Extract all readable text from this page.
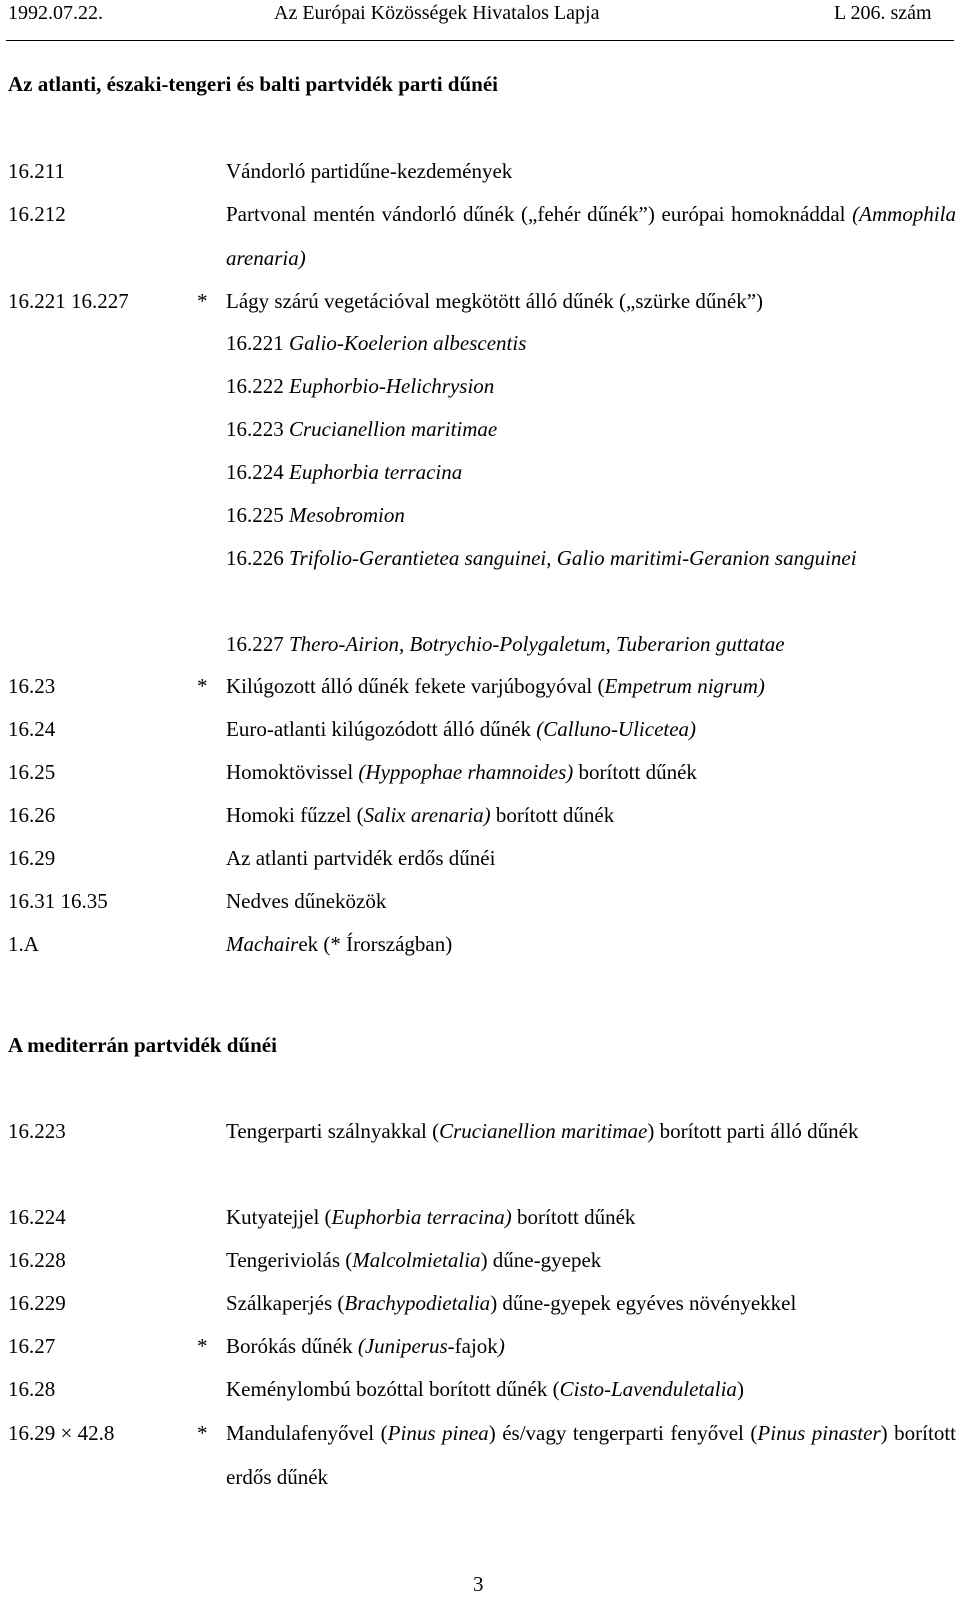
1992.07.22.	Az Európai Közösségek Hivatalos Lapja	L 206. szám
Az atlanti, északi-tengeri és balti partvidék parti dűnéi
16.211	Vándorló partidűne-kezdemények
16.212	Partvonal mentén vándorló dűnék („fehér dűnék”) európai homoknáddal (Ammophila arenaria)
16.221 16.227	* Lágy szárú vegetációval megkötött álló dűnék („szürke dűnék”)
16.221 Galio-Koelerion albescentis
16.222 Euphorbio-Helichrysion
16.223 Crucianellion maritimae
16.224 Euphorbia terracina
16.225 Mesobromion
16.226 Trifolio-Gerantietea sanguinei, Galio maritimi-Geranion sanguinei
16.227 Thero-Airion, Botrychio-Polygaletum, Tuberarion guttatae
16.23	* Kilúgozott álló dűnék fekete varjúbogyóval (Empetrum nigrum)
16.24	Euro-atlanti kilúgozódott álló dűnék (Calluno-Ulicetea)
16.25	Homoktövissel (Hyppophae rhamnoides) borított dűnék
16.26	Homoki fűzzel (Salix arenaria) borított dűnék
16.29	Az atlanti partvidék erdős dűnéi
16.31 16.35	Nedves dűneközök
1.A	Machairek (* Írországban)
A mediterrán partvidék dűnéi
16.223	Tengerparti szálnyakkal (Crucianellion maritimae) borított parti álló dűnék
16.224	Kutyatejjel (Euphorbia terracina) borított dűnék
16.228	Tengeriviolás (Malcolmietalia) dűne-gyepek
16.229	Szálkaperjés (Brachypodietalia) dűne-gyepek egyéves növényekkel
16.27	* Borókás dűnék (Juniperus-fajok)
16.28	Keménylombú bozóttal borított dűnék (Cisto-Lavenduletalia)
16.29 × 42.8	* Mandulafenyővel (Pinus pinea) és/vagy tengerparti fenyővel (Pinus pinaster) borított erdős dűnék
3
